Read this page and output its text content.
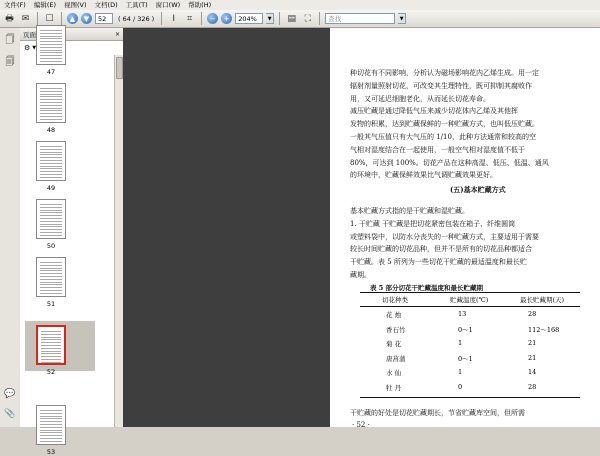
文件(F)	编辑(E)	视图(V)	文档(D)	工具(T)	窗口(W)	帮助(H)
🖶 ✉	☐	▲	▼	52	( 64 / 326 )	I	⌗	−	+	204%	▼ ▤ ⛶	查找	▼
🗍
🗐
💬
📎
页面	×
⚙ ▼
47
48
49
50
51
52
53
(五)基本贮藏方式
表 5 部分切花干贮藏温度和最长贮藏期
干贮藏的好处是切花贮藏期长，节省贮藏库空间，但所需
· 52 ·
种切花有不同影响，分析认为磁场影响花内乙烯生成。用一定
辐射剂量照射切花，可改变其生理特性，既可抑制其腐败作
用，又可延迟细胞老化，从而延长切花寿命。
减压贮藏是通过降低气压来减少切花体内乙烯及其他挥
发物的积累，达到贮藏保鲜的一种贮藏方式，也叫低压贮藏。
一般其气压值只有大气压的 1/10，此种方法通常和较高的空
气相对湿度结合在一起使用，一般空气相对湿度值不低于
80%，可达到 100%。切花产品在这种高湿、低压、低温、通风
的环境中，贮藏保鲜效果比气调贮藏效果更好。
基本贮藏方式指的是干贮藏和湿贮藏。
1. 干贮藏 干贮藏是把切花紧密包装在箱子、纤维圆筒
或塑料袋中，以防水分丧失的一种贮藏方式，主要适用于需要
较长时间贮藏的切花品种，但并不是所有的切花品种都适合
干贮藏。表 5 所列为一些切花干贮藏的最适温度和最长贮
藏期。
切花种类	贮藏温度(℃)	最长贮藏期(天)
花 烛	13	28
香石竹	0～1	112～168
菊 花	1	21
唐菖蒲	0～1	21
水 仙	1	14
牡 丹	0	28
